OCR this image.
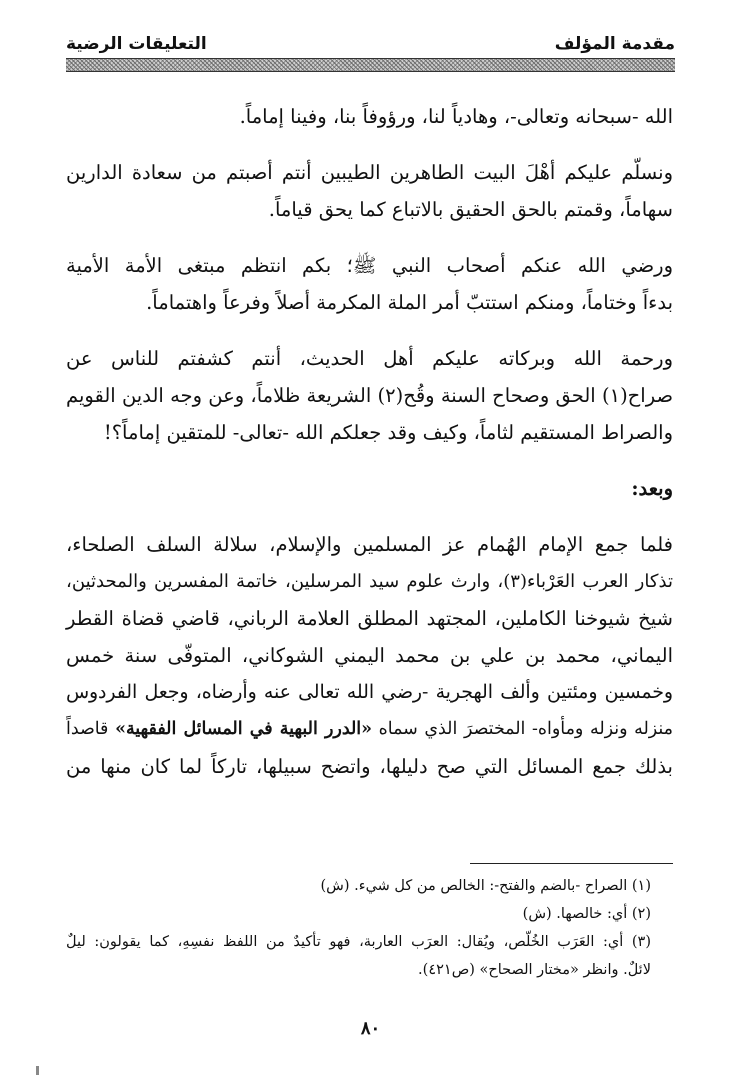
مقدمة المؤلف
التعليقات الرضية

الله -سبحانه وتعالى-، وهادياً لنا، ورؤوفاً بنا، وفينا إماماً.

ونسلّم عليكم أهْلَ البيت الطاهرين الطيبين أنتم أصبتم من سعادة الدارين
سهاماً، وقمتم بالحق الحقيق بالاتباع كما يحق قياماً.

ورضي الله عنكم أصحاب النبي ﷺ؛ بكم انتظم مبتغى الأمة الأمية
بدءاً وختاماً، ومنكم استتبّ أمر الملة المكرمة أصلاً وفرعاً واهتماماً.

ورحمة الله وبركاته عليكم أهل الحديث، أنتم كشفتم للناس عن
صراح(١) الحق وصحاح السنة وقُح(٢) الشريعة ظلاماً، وعن وجه الدين القويم
والصراط المستقيم لثاماً، وكيف وقد جعلكم الله -تعالى- للمتقين إماماً؟!

وبعد:

فلما جمع الإمام الهُمام عز المسلمين والإسلام، سلالة السلف الصلحاء،
تذكار العرب العَرْباء(٣)، وارث علوم سيد المرسلين، خاتمة المفسرين والمحدثين،
شيخ شيوخنا الكاملين، المجتهد المطلق العلامة الرباني، قاضي قضاة القطر
اليماني، محمد بن علي بن محمد اليمني الشوكاني، المتوفّى سنة خمس
وخمسين ومئتين وألف الهجرية -رضي الله تعالى عنه وأرضاه، وجعل الفردوس
منزله ونزله ومأواه- المختصرَ الذي سماه «الدرر البهية في المسائل الفقهية» قاصداً
بذلك جمع المسائل التي صح دليلها، واتضح سبيلها، تاركاً لما كان منها من

(١) الصراح -بالضم والفتح-: الخالص من كل شيء. (ش)

(٢) أي: خالصها. (ش)

(٣) أي: العَرَب الخُلّص، ويُقال: العرَب العاربة، فهو تأكيدٌ من اللفظ نفسِهِ، كما يقولون: ليلٌ
لائلٌ. وانظر «مختار الصحاح» (ص٤٢١).

٨٠
